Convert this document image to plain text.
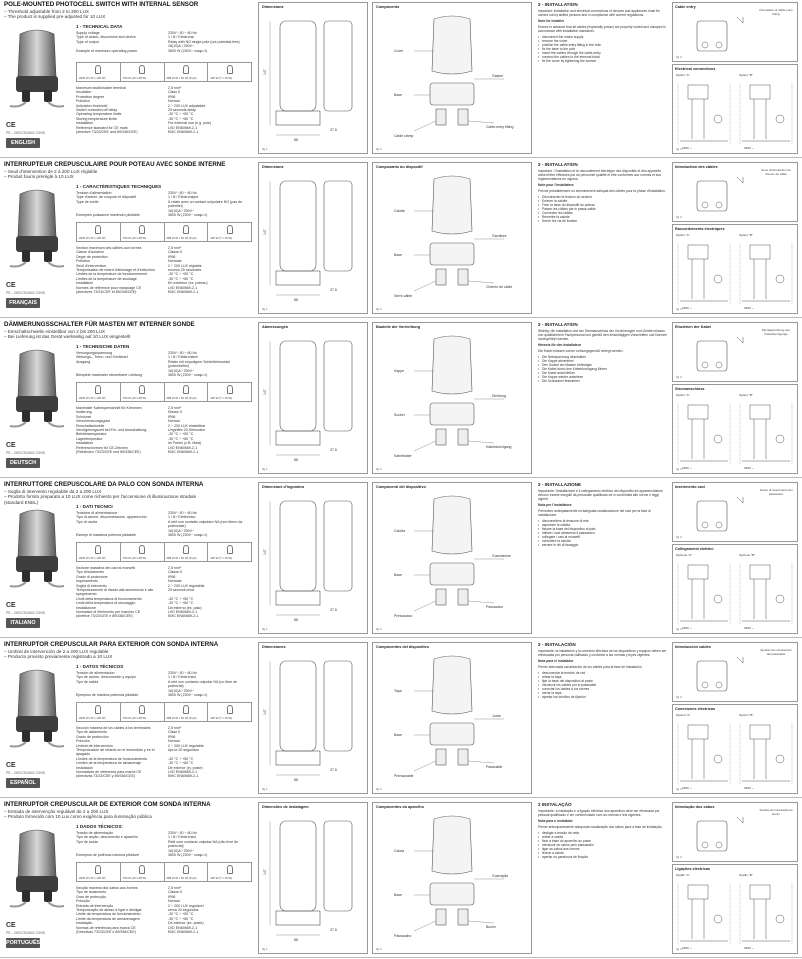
POLE-MOUNTED PHOTOCELL SWITCH WITH INTERNAL SENSOR
– Threshold adjustable from 2 to 200 LUX
– The product is supplied pre-adjusted for 10 LUX
CE
PE - DEVCRA502 03/05
ENGLISH
1 - TECHNICAL DATA
Supply voltage	230V~ 50 ÷ 60 Hz
Type of action, disconnect and device	1 / B / Electronic
Type of output	Relay with NO single-pole (not potential-free)
16(10)A / 250V~
Example of maximum operating power	3600 W (230V~ cosφ=1)
2000 W (23 x 100 W)	750 W (10 x 58 W)	288 W (8 x 36 W) (8 µF)	100 W (7 x 15 W)
Maximum switch/cable terminal	2,5 mm²
Insulation	Class II
Protection degree	IP66
Pollution	Normal
Activation threshold	2 ÷ 200 LUX adjustable
Switch on/switch off delay	20 seconds delay
Operating temperature limits	-30 °C ÷ +50 °C
Storing temperature limits	-30 °C ÷ +60 °C
Installation	For external use (e.g. pole)
Reference standard for CE mark	LVD EN60669-2-1
(directive 73/23/CEE and 89/336/CEE)	EMC EN60669-2-1
Dimensions
147
88
37.5
fig 1
Components
Cover
Base
Gasket
Cable clamp
Cable-entry fitting
fig 2
2 - INSTALLATION
Important: installation and electrical connections of devices and appliances must be carried out by skilled persons and in compliance with current regulations.
Note for installer
Ensure in advance that all cables (especially power) are properly routed and clamped in accordance with installation standards.
• disconnect the mains supply
• remove the cover
• position the cable-entry fitting in the hole
• fix the base to the pole
• insert the cables through the cable-entry
• connect the cables to the terminal block
• fix the cover by tightening the screws
Cable entry
Orientation of cable entry fitting
fig 3
Electrical connections
Option "A"	Option "B"
230V ~	230V ~
fig 4
INTERRUPTEUR CREPUSCULAIRE POUR POTEAU AVEC SONDE INTERNE
– Seuil d'intervention de 2 à 200 LUX réglable
– Produit fourni préréglé à 10 LUX
CE
PE - DEVCRA502 03/05
FRANÇAIS
1 - CARACTÉRISTIQUES TECHNIQUES
Tension d'alimentation	230V~ 50 ÷ 60 Hz
Type d'action, de coupure et dispositif	1 / B / Électronique
Type de sortie	À relais avec un contact unipolaire NO (pas de potentiel)
16(10)A / 250V~
Exemples puissance maximum pilotable	3600 W (230V~ cosφ=1)
2000 W (23 x 100 W)	750 W (10 x 58 W)	288 W (8 x 36 W) (8 µF)	100 W (7 x 15 W)
Section maximum des câbles aux bornes	2,5 mm²
Classe d'isolation	Classe II
Degré de protection	IP66
Pollution	Normale
Seuil d'intervention	2 ÷ 200 LUX réglable
Temporisation de retard d'allumage et d'extinction	environ 20 secondes
Limites de la température de fonctionnement	-30 °C ÷ +50 °C
Limites de la température de stockage	-30 °C ÷ +60 °C
Installation	En extérieur (ex. poteau)
Normes de référence pour marquage CE	LVD EN60669-2-1
(directives 73/23/CEE et 89/336/CEE)	EMC EN60669-2-1
Dimensions
147
88
37.5
fig 1
Composants du dispositif
Calotte
Base
Garniture
Serre-câble
Chemin de câble
fig 2
2 - INSTALLATION
Important : l'installation et le raccordement électrique des dispositifs et des appareils doivent être effectués par du personnel qualifié et être conformes aux normes et aux règlementations en vigueur.
Note pour l'installateur
Prévoir préalablement un cheminement adéquat des câbles pour la phase d'installation.
• Déconnecter la tension du secteur
• Enlever la calotte
• Fixer la base du dispositif au poteau
• Passer les câbles par le passe-câble
• Connecter les câbles
• Remettre la calotte
• Serrer les vis de fixation
Introduction des câbles
Sens d'introduction du chemin de câble
fig 3
Raccordements électriques
Option "A"	Option "B"
230V ~	230V ~
fig 4
DÄMMERUNGSSCHALTER FÜR MASTEN MIT INTERNER SONDE
– Einschaltschwelle einstellbar von 2 bis 200 LUX
– Bei Lieferung ist das Gerät werkseitig auf 10 LUX eingestellt
CE
PE - DEVCRA502 03/05
DEUTSCH
1 - TECHNISCHE DATEN
Versorgungsspannung	230V~ 50 ÷ 60 Hz
Wirkungs-, Trenn- und Geräteart	1 / B / Elektronisch
Ausgang	Relais mit einpoligem Schließerkontakt (potentialfrei)
16(10)A / 250V~
Beispiele maximaler steuerbarer Leistung	3600 W (230V~ cosφ=1)
2000 W (23 x 100 W)	750 W (10 x 58 W)	288 W (8 x 36 W) (8 µF)	100 W (7 x 15 W)
Maximaler Kabelquerschnitt für Klemmen	2,5 mm²
Isolierung	Klasse II
Schutzart	IP66
Verschmutzungsgrad	Normal
Einschaltschwelle	2 ÷ 200 LUX einstellbar
Verzögerungszeit bei Ein- und Ausschaltung	Ungefähr 20 Sekunden
Betriebstemperatur	-30 °C ÷ +50 °C
Lagertemperatur	-30 °C ÷ +60 °C
Installation	im Freien (z.B. Mast)
Referenznormen für CE-Zeichen	LVD EN60669-2-1
(Richtlinien 73/23/CEE und 89/336/CEE)	EMC EN60669-2-1
Abmessungen
147
88
37.5
fig 1
Bauteile der Vorrichtung
Kappe
Sockel
Dichtung
Kabelhalter
Kabeldurchgang
fig 2
2 - INSTALLATION
Wichtig: die Installation und der Stromanschluss der Vorrichtungen und Geräte müssen von qualifiziertem Fachpersonal und gemäß den einschlägigen Vorschriften und Normen durchgeführt werden.
Hinweis für den Installateur
Die Kabel müssen vorher ordnungsgemäß verlegt werden.
• Die Netzspannung abschalten
• Die Kappe abnehmen
• Den Sockel am Masten befestigen
• Die Kabel durch den Kabeldurchgang führen
• Die Kabel anschließen
• Die Kappe wieder aufsetzen
• Die Schrauben festziehen
Einziehen der Kabel
Montagerichtung des Kabeldurchgangs
fig 3
Stromanschluss
Option "A"	Option "B"
230V ~	230V ~
fig 4
INTERRUTTORE CREPUSCOLARE DA PALO CON SONDA INTERNA
– Soglia di intervento regolabile da 2 a 200 LUX
– Prodotto fornito preparato a 10 LUX come richiesto per l'accensione di illuminazione stradale
(standard ENEL)
CE
PE - DEVCRA502 03/05
ITALIANO
1 - DATI TECNICI
Tensione di alimentazione	230V~ 50 ÷ 60 Hz
Tipo di azione, disconnessione, apparecchio	1 / B / Elettronico
Tipo di uscita	A relè con contatto unipolare NA (non libero da potenziale)
16(10)A / 250V~
Esempi di massima potenza pilotabile	3600 W (230V~ cosφ=1)
2000 W (23 x 100 W)	750 W (10 x 58 W)	288 W (8 x 36 W) (8 µF)	100 W (7 x 15 W)
Sezione massima dei cavi ai morsetti	2,5 mm²
Tipo d'isolamento	Classe II
Grado di protezione	IP66
Inquinamento	Normale
Soglia di intervento	2 ÷ 200 LUX regolabile
Temporizzazione di ritardo alla accensione e allo spegnimento
20 secondi circa
Limiti della temperatura di funzionamento	-30 °C ÷ +50 °C
Limiti della temperatura di stoccaggio	-30 °C ÷ +60 °C
Installazione	Da esterno (es. palo)
Normative di riferimento per marchio CE	LVD EN60669-2-1
(direttive 73/23/CEE e 89/336/CEE)	EMC EN60669-2-1
Dimensioni d'ingombro
147
88
37.5
fig 1
Componenti del dispositivo
Calotta
Base
Guarnizione
Pressacavo
Passacavo
fig 2
2 - INSTALLAZIONE
Importante: l'installazione e il collegamento elettrico dei dispositivi ed apparecchiature devono essere eseguiti da personale qualificato ed in conformità alle norme e leggi vigenti.
Nota per l'installatore
Prevedere anticipatamente un'adeguata canalizzazione dei cavi per la fase di installazione.
• disconnettere la tensione di rete
• asportare la calotta
• fissare la base del dispositivo al palo
• infilare i cavi attraverso il passacavo
• collegare i cavi ai morsetti
• richiudere la calotta
• serrare le viti di fissaggio
Inserimento cavi
Senso di inserimento del passacavo
fig 3
Collegamenti elettrici
Opzione "A"	Opzione "B"
230V ~	230V ~
fig 4
INTERRUPTOR CREPUSCULAR PARA EXTERIOR CON SONDA INTERNA
– Umbral de intervención de 2 a 200 LUX regulable
– Producto provisto previamente registrado a 10 LUX
CE
PE - DEVCRA502 03/05
ESPAÑOL
1 - DATOS TÉCNICOS
Tensión de alimentación	230V~ 50 ÷ 60 Hz
Tipo de acción, desconexión y equipo	1 / B / Electrónico
Tipo de salida	A relé con contacto unipolar NA (no libre de potencial)
16(10)A / 250V~
Ejemplos de máxima potencia pilotable	3600 W (230V~ cosφ=1)
2000 W (23 x 100 W)	750 W (10 x 58 W)	288 W (8 x 36 W) (8 µF)	100 W (7 x 15 W)
Sección máxima de los cables a los terminales	2,5 mm²
Tipo de aislamiento	Clase II
Grado de protección	IP66
Polución	Normal
Umbral de intervención	2 ÷ 200 LUX regulable
Temporización de retardo en el encendido y en el apagado
Aprox 20 segundos
Límites de la temperatura de funcionamiento	-30 °C ÷ +50 °C
Límites de la temperatura de almacenaje	-30 °C ÷ +60 °C
Instalación	De exterior (ej. poste)
Normativas de referencia para marca CE	LVD EN60669-2-1
(directivas 73/23/CEE y 89/336/CEE)	EMC EN60669-2-1
Dimensiones
147
88
37.5
fig 1
Componentes del dispositivo
Tapa
Base
Junta
Prensacable
Pasacable
fig 2
2 - INSTALACIÓN
Importante: la instalación y la conexión eléctrica de los dispositivos y equipos deben ser efectuadas por personal calificado y conforme a las normas y leyes vigentes.
Nota para el instalador
Prever adecuada canalización de los cables para la fase de instalación.
• desconectar la tensión de red
• retirar la tapa
• fijar la base del dispositivo al poste
• introducir los cables por el pasacable
• conectar los cables a los bornes
• cerrar la tapa
• apretar los tornillos de fijación
Introducción cables
Sentido de introducción del pasacable
fig 3
Conexiones eléctricas
Opción "A"	Opción "B"
230V ~	230V ~
fig 4
INTERRUPTOR CREPUSCULAR DE EXTERIOR COM SONDA INTERNA
– Entrada de intervenção regulável de 2 a 200 LUX
– Produto fornecido com 10 Lux como exigência para iluminação pública
CE
PE - DEVCRA502 03/05
PORTUGUÊS
1 DADOS TÉCNICOS:
Tensão de alimentação	230V~ 50 ÷ 60 Hz
Tipo de acção, desconexão e aparelho	1 / B / Electrónico
Tipo de saída	Relé com contacto unipolar NA (não livre de potencial)
16(10)A / 250V~
Exemplos de potência máxima pilotável	3600 W (230V~ cosφ=1)
2000 W (23 x 100 W)	750 W (10 x 58 W)	288 W (8 x 36 W) (8 µF)	100 W (7 x 15 W)
Secção máxima dos cabos aos bornes	2,5 mm²
Tipo de isolamento	Classe II
Grau de protecção	IP66
Poluição	Normal
Entrada de intervenção	2 ÷ 200 LUX regulável
Temporização de atraso à ligar e desligar	cerca 20 segundos
Limite da temperatura de funcionamento	-30 °C ÷ +50 °C
Limite da temperatura de armazenagem	-30 °C ÷ +60 °C
Instalação	De exterior (ex. poste)
Normas de referência para marca CE	LVD EN60669-2-1
(Directivas 73/23/CEE e 89/336/CEE)	EMC EN60669-2-1
Dimensões de instalagem
147
88
37.5
fig 1
Componentes do aparelho
Calota
Base
Guarnição
Passacabo
Bucim
fig 2
2 INSTALAÇÃO
Importante: a instalação e a ligação eléctrica dos aparelhos deve ser efectuada por pessoal qualificado e em conformidade com as normas e leis vigentes.
Nota para o instalador
Prever antecipadamente adequada canalização dos cabos para a fase de instalação.
• desligar a tensão de rede
• retirar a calota
• fixar a base do aparelho ao poste
• introduzir os cabos pelo passacabo
• ligar os cabos aos bornes
• fechar a calota
• apertar os parafusos de fixação
Introdução dos cabos
Sentido de introdução do bucim
fig 3
Ligações eléctricas
Opção "A"	Opção "B"
230V ~	230V ~
fig 4
